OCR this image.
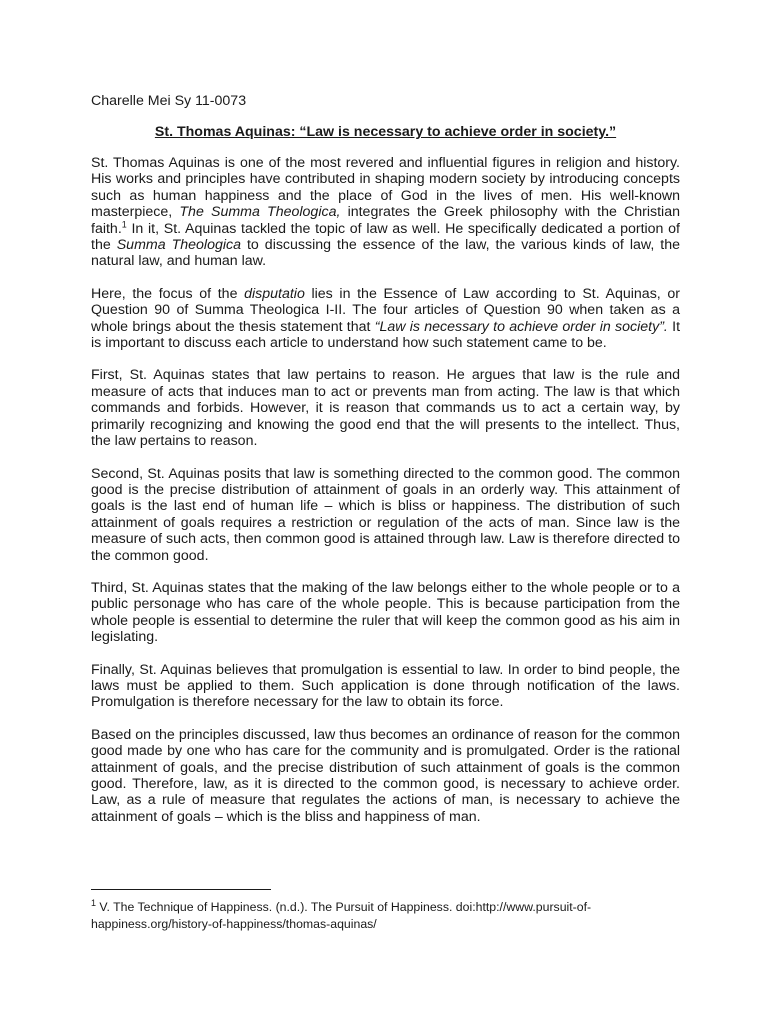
Charelle Mei Sy 11-0073
St. Thomas Aquinas: “Law is necessary to achieve order in society.”

St. Thomas Aquinas is one of the most revered and influential figures in religion and history. His works and principles have contributed in shaping modern society by introducing concepts such as human happiness and the place of God in the lives of men. His well-known masterpiece, The Summa Theologica, integrates the Greek philosophy with the Christian faith.$^1$ In it, St. Aquinas tackled the topic of law as well. He specifically dedicated a portion of the Summa Theologica to discussing the essence of the law, the various kinds of law, the natural law, and human law.

Here, the focus of the disputatio lies in the Essence of Law according to St. Aquinas, or Question 90 of Summa Theologica I-II. The four articles of Question 90 when taken as a whole brings about the thesis statement that “Law is necessary to achieve order in society”. It is important to discuss each article to understand how such statement came to be.

First, St. Aquinas states that law pertains to reason. He argues that law is the rule and measure of acts that induces man to act or prevents man from acting. The law is that which commands and forbids. However, it is reason that commands us to act a certain way, by primarily recognizing and knowing the good end that the will presents to the intellect. Thus, the law pertains to reason.

Second, St. Aquinas posits that law is something directed to the common good. The common good is the precise distribution of attainment of goals in an orderly way. This attainment of goals is the last end of human life – which is bliss or happiness. The distribution of such attainment of goals requires a restriction or regulation of the acts of man. Since law is the measure of such acts, then common good is attained through law. Law is therefore directed to the common good.

Third, St. Aquinas states that the making of the law belongs either to the whole people or to a public personage who has care of the whole people. This is because participation from the whole people is essential to determine the ruler that will keep the common good as his aim in legislating.

Finally, St. Aquinas believes that promulgation is essential to law. In order to bind people, the laws must be applied to them. Such application is done through notification of the laws. Promulgation is therefore necessary for the law to obtain its force.

Based on the principles discussed, law thus becomes an ordinance of reason for the common good made by one who has care for the community and is promulgated. Order is the rational attainment of goals, and the precise distribution of such attainment of goals is the common good. Therefore, law, as it is directed to the common good, is necessary to achieve order. Law, as a rule of measure that regulates the actions of man, is necessary to achieve the attainment of goals – which is the bliss and happiness of man.

$^1$ V. The Technique of Happiness. (n.d.). The Pursuit of Happiness. doi:http://www.pursuit-of-happiness.org/history-of-happiness/thomas-aquinas/
